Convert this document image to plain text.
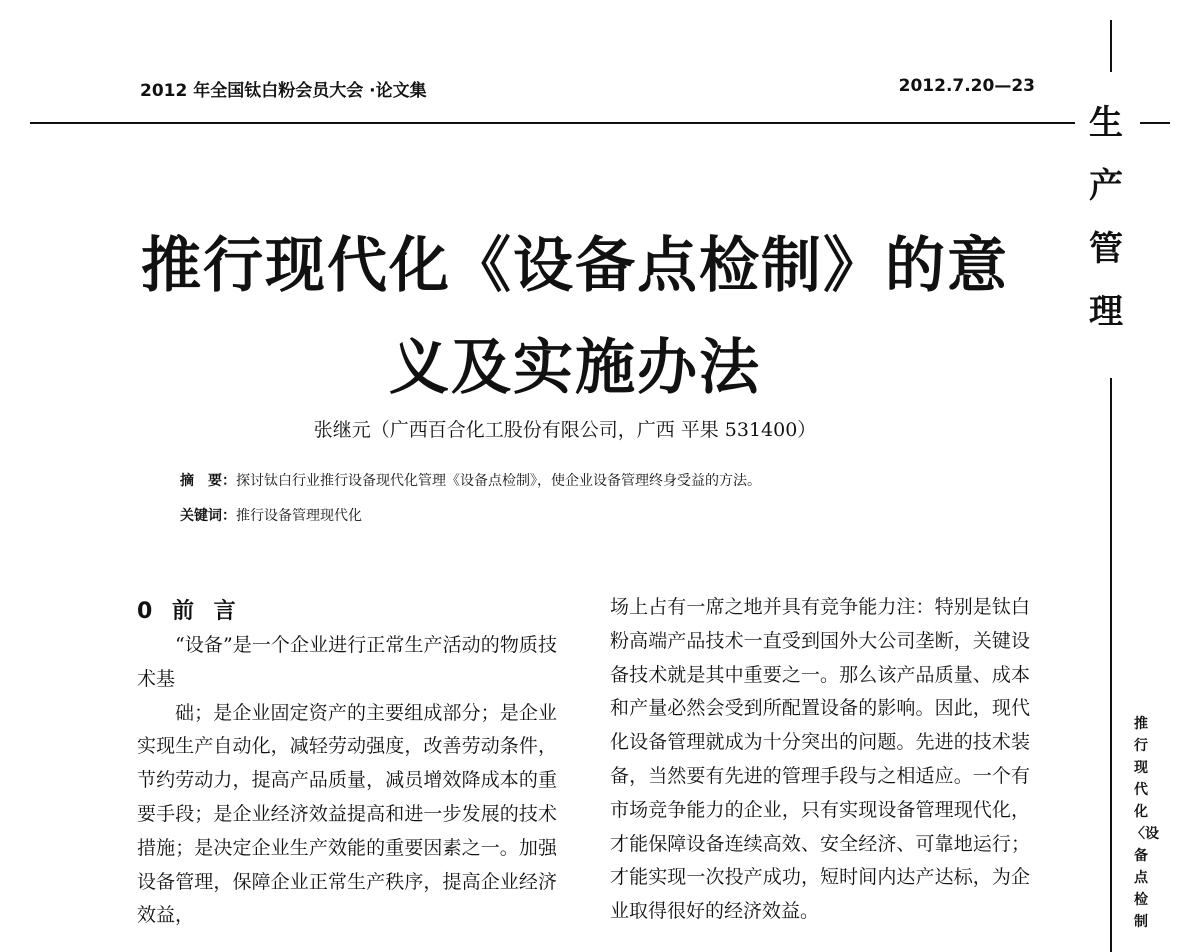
2012 年全国钛白粉会员大会 ·论文集	2012.7.20—23
生产管理
推行现代化〈设备点检制
推行现代化《设备点检制》的意
义及实施办法
张继元（广西百合化工股份有限公司，广西 平果 531400）
摘　要：探讨钛白行业推行设备现代化管理《设备点检制》，使企业设备管理终身受益的方法。
关键词：推行设备管理现代化
0 前 言

“设备”是一个企业进行正常生产活动的物质技术基

础；是企业固定资产的主要组成部分；是企业实现生产自动化，减轻劳动强度，改善劳动条件，节约劳动力，提高产品质量，减员增效降成本的重要手段；是企业经济效益提高和进一步发展的技术措施；是决定企业生产效能的重要因素之一。加强设备管理，保障企业正常生产秩序，提高企业经济效益，

场上占有一席之地并具有竞争能力注：特别是钛白粉高端产品技术一直受到国外大公司垄断，关键设备技术就是其中重要之一。那么该产品质量、成本和产量必然会受到所配置设备的影响。因此，现代化设备管理就成为十分突出的问题。先进的技术装备，当然要有先进的管理手段与之相适应。一个有市场竞争能力的企业，只有实现设备管理现代化，才能保障设备连续高效、安全经济、可靠地运行；才能实现一次投产成功，短时间内达产达标，为企业取得很好的经济效益。
